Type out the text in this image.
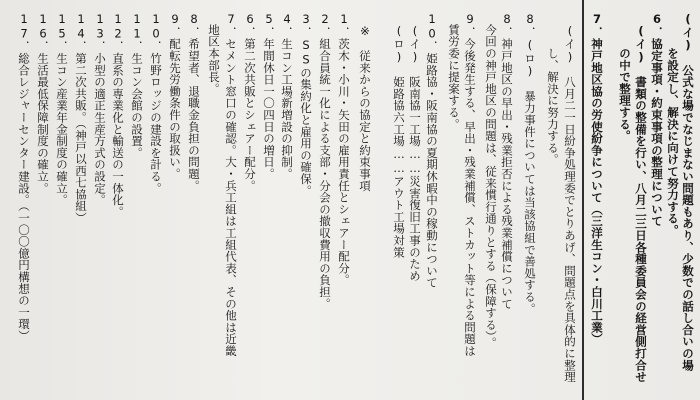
(イ)　公式な場でなじまない問題もあり、少数での話し合いの場
　　　を設定し、解決に向けて努力する。
6．協定事項・約束事項の整理について
　(イ)　書類の整備を行い、八月二三日各種委員会の経営側打合せ
　　　の中で整理する。
7．神戸地区協の労使紛争について（三洋生コン・白川工業）
　(イ)　八月二一日紛争処理委でとりあげ、問題点を具体的に整理
　　　し、解決に努力する。
8．(ロ)　暴力事件については当該協組で善処する。
8．神戸地区の早出・残業拒否による残業補償について
　今回の神戸地区の問題は、従来慣行通りとする（保障する）。
9．今後発生する、早出・残業補償、ストカット等による問題は
　賃労委に提案する。
10．姫路協・阪南協の夏期休暇中の稼動について
　(イ)　阪南協一工場……災害復旧工事のため
　(ロ)　姫路協六工場……アウト工場対策
　※　従来からの協定と約束事項
1．茨木・小川・矢田の雇用責任とシェアー配分。
2．組合員統一化による支部・分会の撤収費用の負担。
3．SSの集約化と雇用の確保。
4．生コン工場新増設の抑制。
5．年間休日一〇四日の増日。
6．第二次共販とシェアー配分。
7．セメント窓口の確認。大・兵工組は工組代表、その他は近畿
　地区本部長。
8．希望者、退職金負担の問題。
9．配転先労働条件の取扱い。
10．竹野ロッジの建設を計る。
11．生コン会館の設置。
12．直系の専業化と輸送の一体化。
13．小型の適正生産方式の設定。
14．第二次共販。（神戸以西七協組）
15．生コン産業年金制度の確立。
16．生活最低保障制度の確立。
17．総合レジャーセンター建設。（一〇〇億円構想の一環）
